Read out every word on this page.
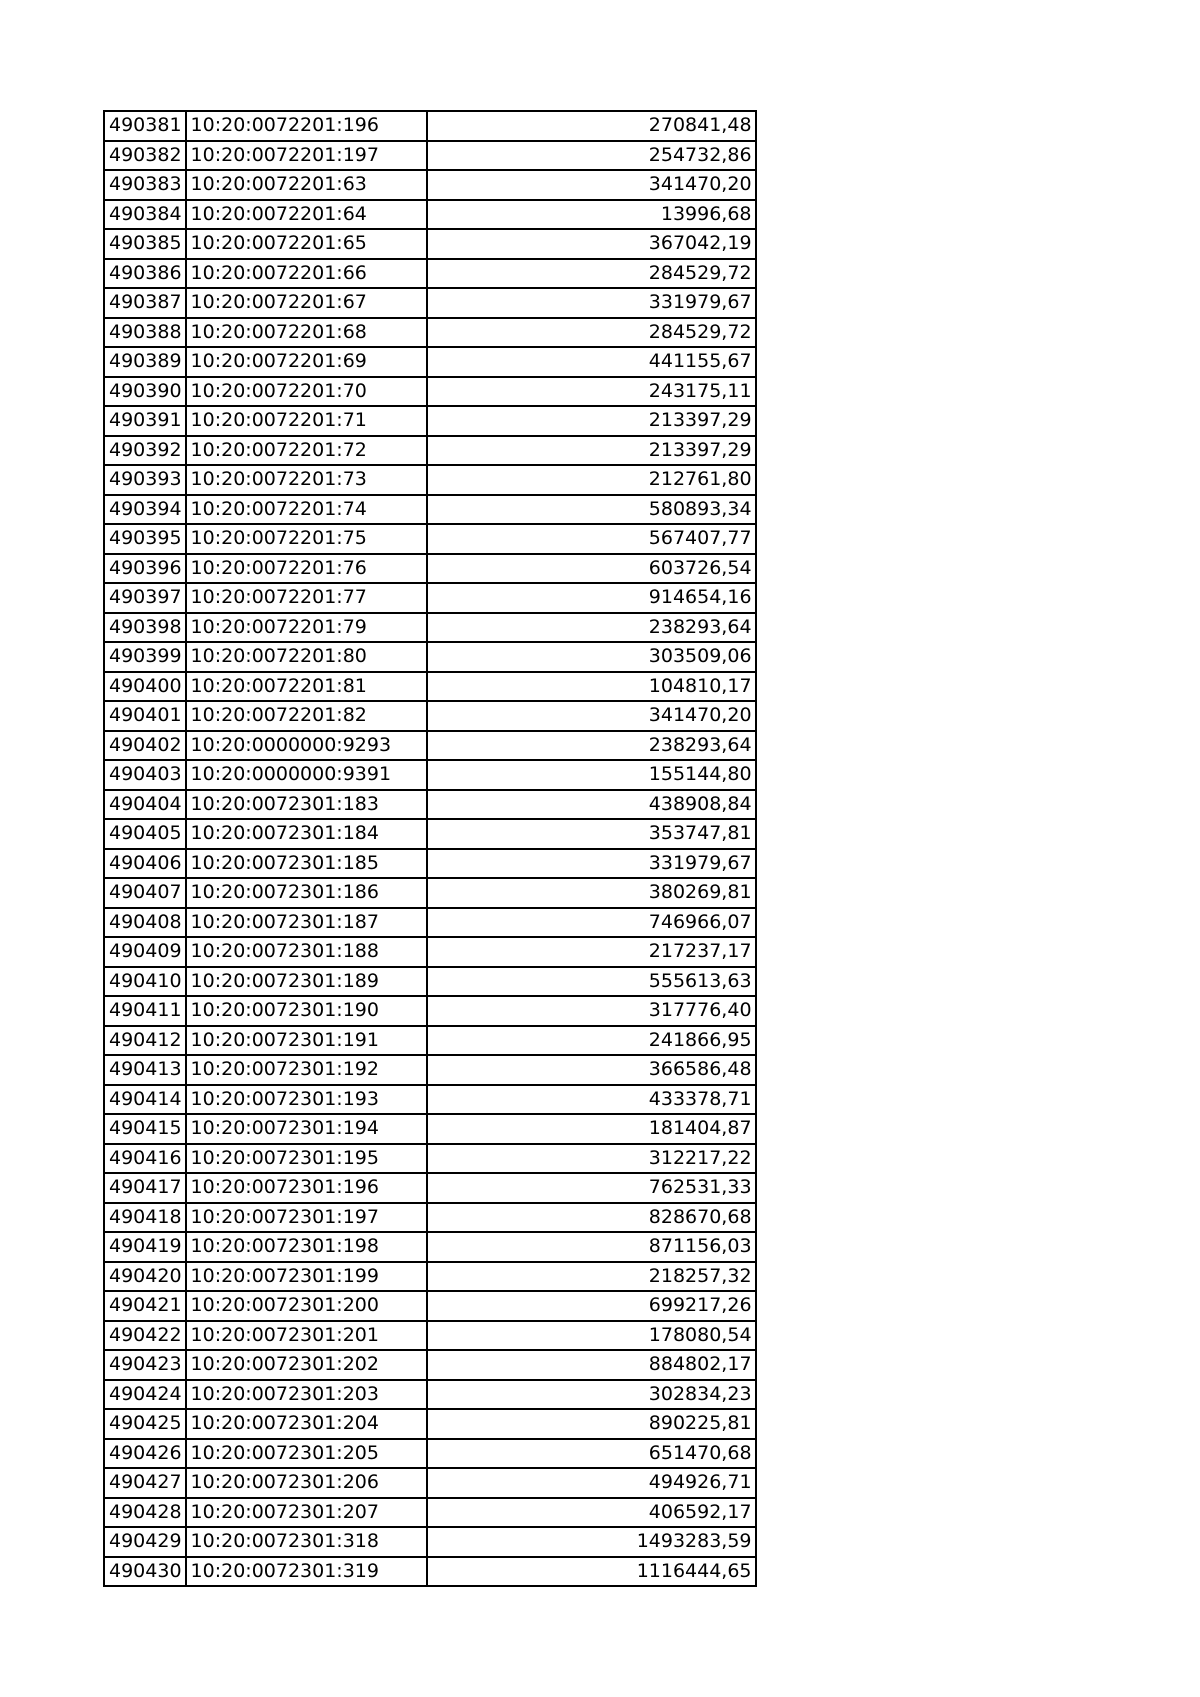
490381	10:20:0072201:196	270841,48
490382	10:20:0072201:197	254732,86
490383	10:20:0072201:63	341470,20
490384	10:20:0072201:64	13996,68
490385	10:20:0072201:65	367042,19
490386	10:20:0072201:66	284529,72
490387	10:20:0072201:67	331979,67
490388	10:20:0072201:68	284529,72
490389	10:20:0072201:69	441155,67
490390	10:20:0072201:70	243175,11
490391	10:20:0072201:71	213397,29
490392	10:20:0072201:72	213397,29
490393	10:20:0072201:73	212761,80
490394	10:20:0072201:74	580893,34
490395	10:20:0072201:75	567407,77
490396	10:20:0072201:76	603726,54
490397	10:20:0072201:77	914654,16
490398	10:20:0072201:79	238293,64
490399	10:20:0072201:80	303509,06
490400	10:20:0072201:81	104810,17
490401	10:20:0072201:82	341470,20
490402	10:20:0000000:9293	238293,64
490403	10:20:0000000:9391	155144,80
490404	10:20:0072301:183	438908,84
490405	10:20:0072301:184	353747,81
490406	10:20:0072301:185	331979,67
490407	10:20:0072301:186	380269,81
490408	10:20:0072301:187	746966,07
490409	10:20:0072301:188	217237,17
490410	10:20:0072301:189	555613,63
490411	10:20:0072301:190	317776,40
490412	10:20:0072301:191	241866,95
490413	10:20:0072301:192	366586,48
490414	10:20:0072301:193	433378,71
490415	10:20:0072301:194	181404,87
490416	10:20:0072301:195	312217,22
490417	10:20:0072301:196	762531,33
490418	10:20:0072301:197	828670,68
490419	10:20:0072301:198	871156,03
490420	10:20:0072301:199	218257,32
490421	10:20:0072301:200	699217,26
490422	10:20:0072301:201	178080,54
490423	10:20:0072301:202	884802,17
490424	10:20:0072301:203	302834,23
490425	10:20:0072301:204	890225,81
490426	10:20:0072301:205	651470,68
490427	10:20:0072301:206	494926,71
490428	10:20:0072301:207	406592,17
490429	10:20:0072301:318	1493283,59
490430	10:20:0072301:319	1116444,65
